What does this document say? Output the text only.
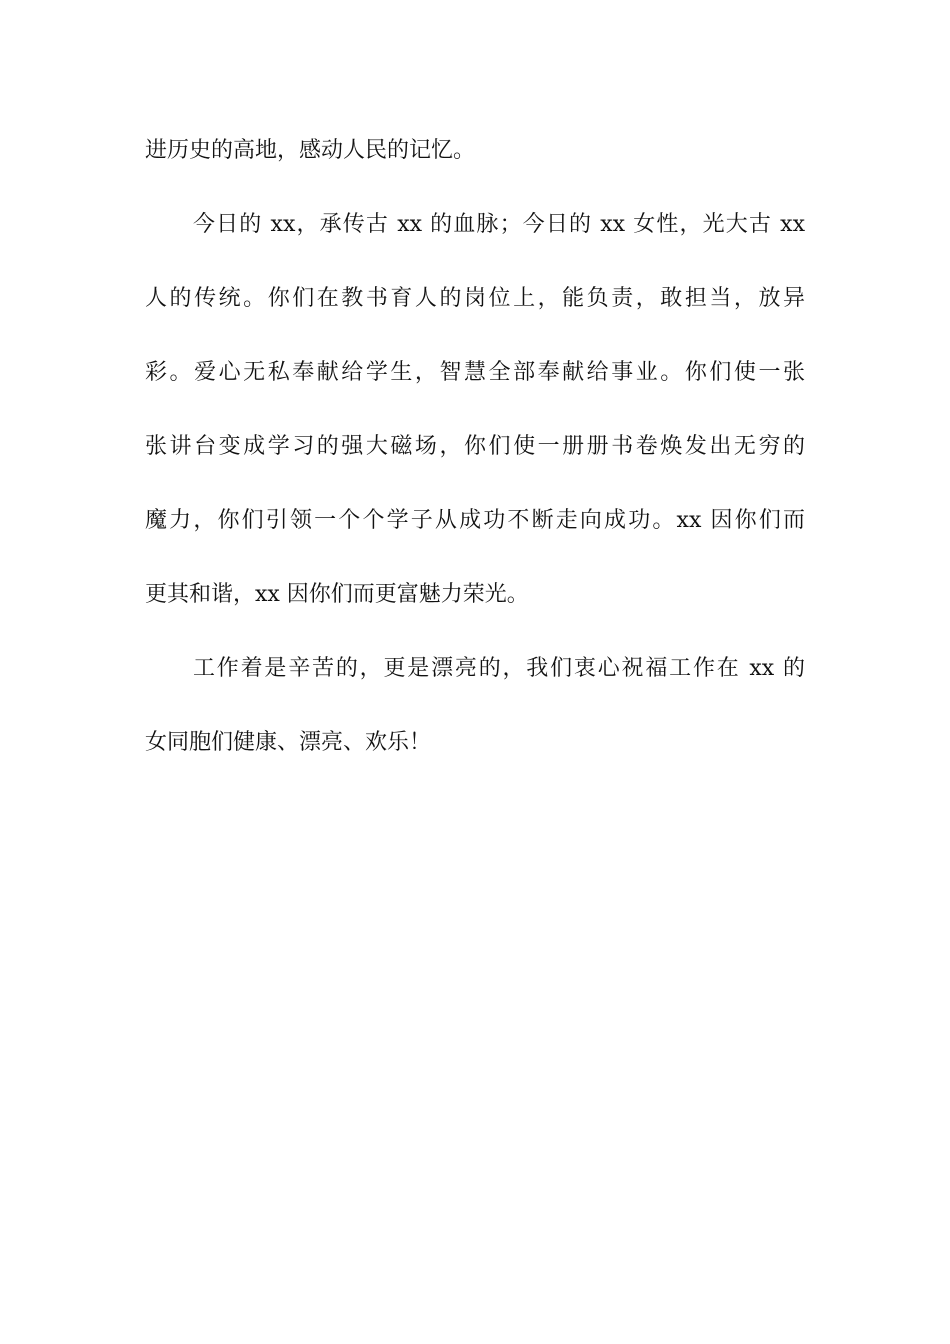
进历史的高地，感动人民的记忆。
今日的 xx，承传古 xx 的血脉；今日的 xx 女性，光大古 xx
人的传统。你们在教书育人的岗位上，能负责，敢担当，放异
彩。爱心无私奉献给学生，智慧全部奉献给事业。你们使一张
张讲台变成学习的强大磁场，你们使一册册书卷焕发出无穷的
魔力，你们引领一个个学子从成功不断走向成功。xx 因你们而
更其和谐，xx 因你们而更富魅力荣光。
工作着是辛苦的，更是漂亮的，我们衷心祝福工作在 xx 的
女同胞们健康、漂亮、欢乐！
